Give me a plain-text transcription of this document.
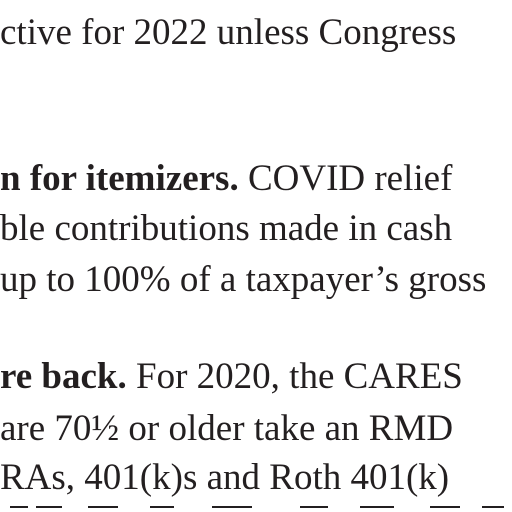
ctive for 2022 unless Congress
n for itemizers. COVID relief
ble contributions made in cash
up to 100% of a taxpayer’s gross
re back. For 2020, the CARES
are 70½ or older take an RMD
RAs, 401(k)s and Roth 401(k)
